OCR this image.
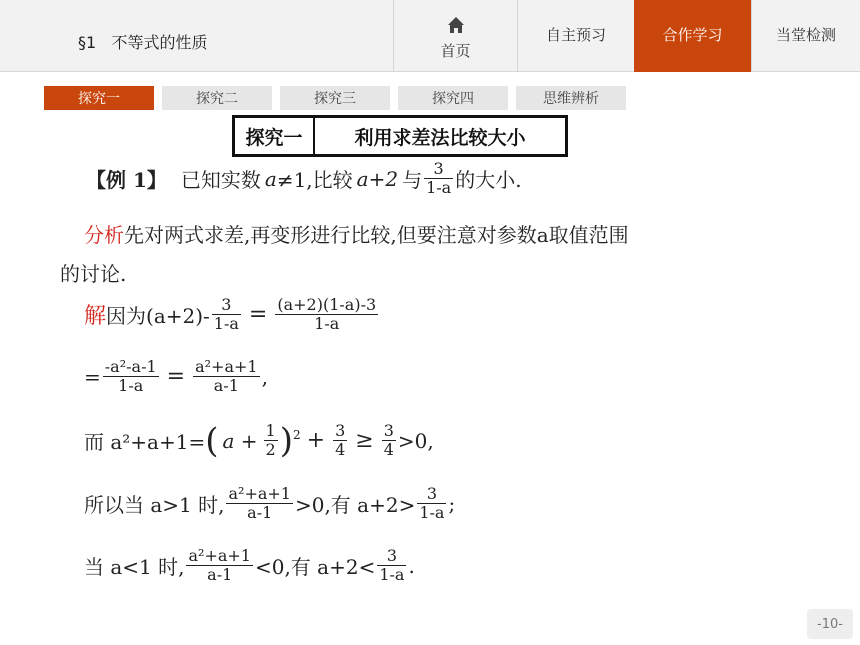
§1   不等式的性质	首页
自主预习	合作学习	当堂检测
探究一	探究二	探究三	探究四	思维辨析
探究一	利用求差法比较大小
【例 1】 已知实数 a ≠1,比较 a+2 与 $\frac{3}{1-a}$ 的大小.
分析 先对两式求差,再变形进行比较,但要注意对参数a取值范围
的讨论.
解 因为$(a+2)- \frac{3}{1-a} = \frac{(a+2)(1-a)-3}{1-a}$
= $\frac{\text{-a²-a-1}}{1-a} = \frac{\text{a²+a+1}}{a-1}$ ,
而 a²+a+1= ( $a + \frac{1}{2}$ ) $2 + \frac{3}{4} \ge \frac{3}{4} >0$,
所以当 a>1 时, $\frac{\text{a²+a+1}}{a-1} >0$,有 $a+2> \frac{3}{1-a}$ ;
当 a<1 时, $\frac{\text{a²+a+1}}{a-1} <0$,有 $a+2< \frac{3}{1-a}$ .
-10-
